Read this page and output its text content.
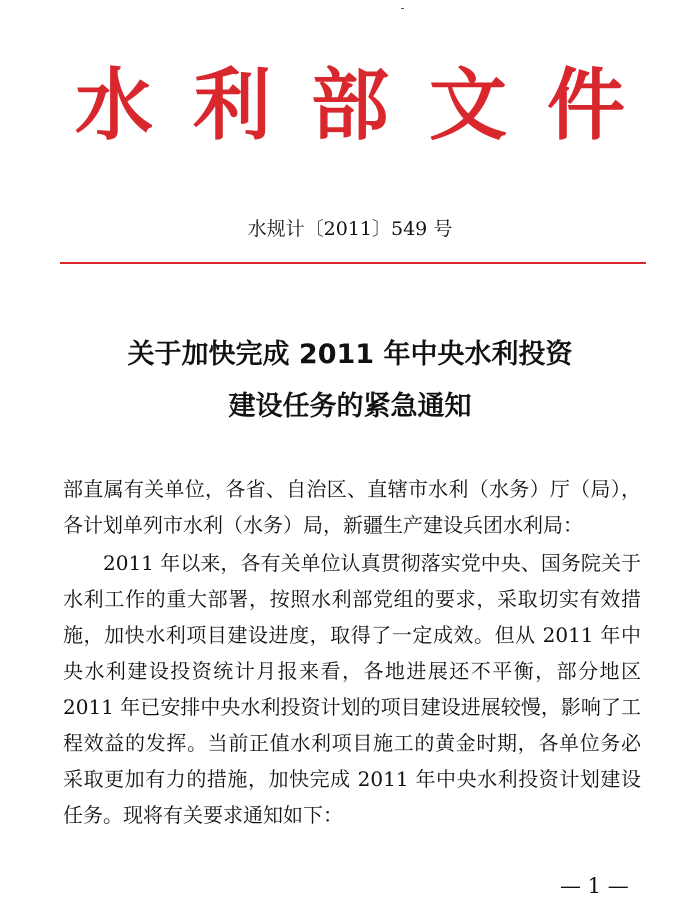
水利部文件
水规计〔2011〕549 号
关于加快完成 2011 年中央水利投资
建设任务的紧急通知
部直属有关单位，各省、自治区、直辖市水利（水务）厅（局），各计划单列市水利（水务）局，新疆生产建设兵团水利局：
2011 年以来，各有关单位认真贯彻落实党中央、国务院关于水利工作的重大部署，按照水利部党组的要求，采取切实有效措施，加快水利项目建设进度，取得了一定成效。但从 2011 年中央水利建设投资统计月报来看，各地进展还不平衡，部分地区 2011 年已安排中央水利投资计划的项目建设进展较慢，影响了工程效益的发挥。当前正值水利项目施工的黄金时期，各单位务必采取更加有力的措施，加快完成 2011 年中央水利投资计划建设任务。现将有关要求通知如下：
— 1 —
